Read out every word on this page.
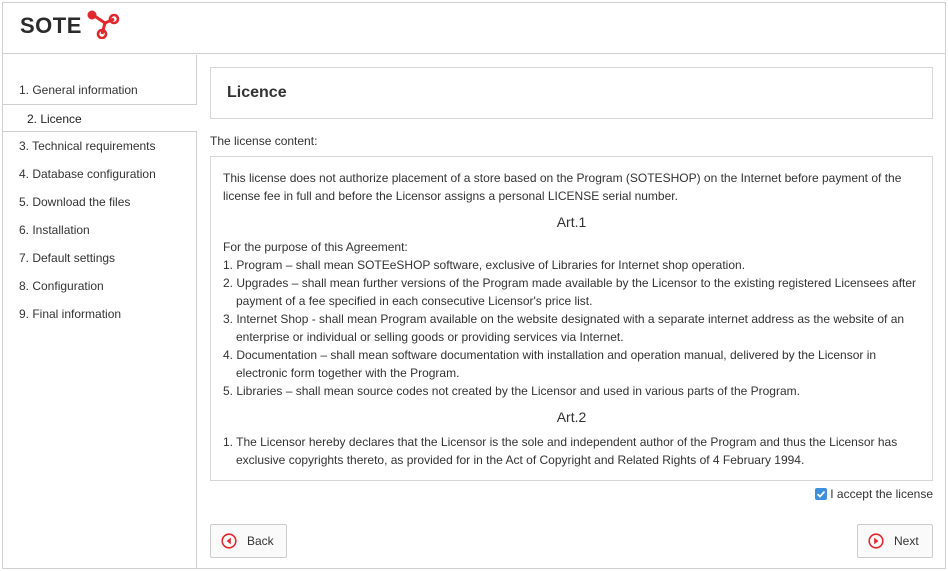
SOTE
1. General information
2. Licence
3. Technical requirements
4. Database configuration
5. Download the files
6. Installation
7. Default settings
8. Configuration
9. Final information
Licence
The license content:

This license does not authorize placement of a store based on the Program (SOTESHOP) on the Internet before payment of the license fee in full and before the Licensor assigns a personal LICENSE serial number.

Art.1
For the purpose of this Agreement:
1. Program – shall mean SOTEeSHOP software, exclusive of Libraries for Internet shop operation.
2. Upgrades – shall mean further versions of the Program made available by the Licensor to the existing registered Licensees after payment of a fee specified in each consecutive Licensor's price list.
3. Internet Shop - shall mean Program available on the website designated with a separate internet address as the website of an enterprise or individual or selling goods or providing services via Internet.
4. Documentation – shall mean software documentation with installation and operation manual, delivered by the Licensor in electronic form together with the Program.
5. Libraries – shall mean source codes not created by the Licensor and used in various parts of the Program.
Art.2
1. The Licensor hereby declares that the Licensor is the sole and independent author of the Program and thus the Licensor has exclusive copyrights thereto, as provided for in the Act of Copyright and Related Rights of 4 February 1994.
I accept the license
Back	Next
